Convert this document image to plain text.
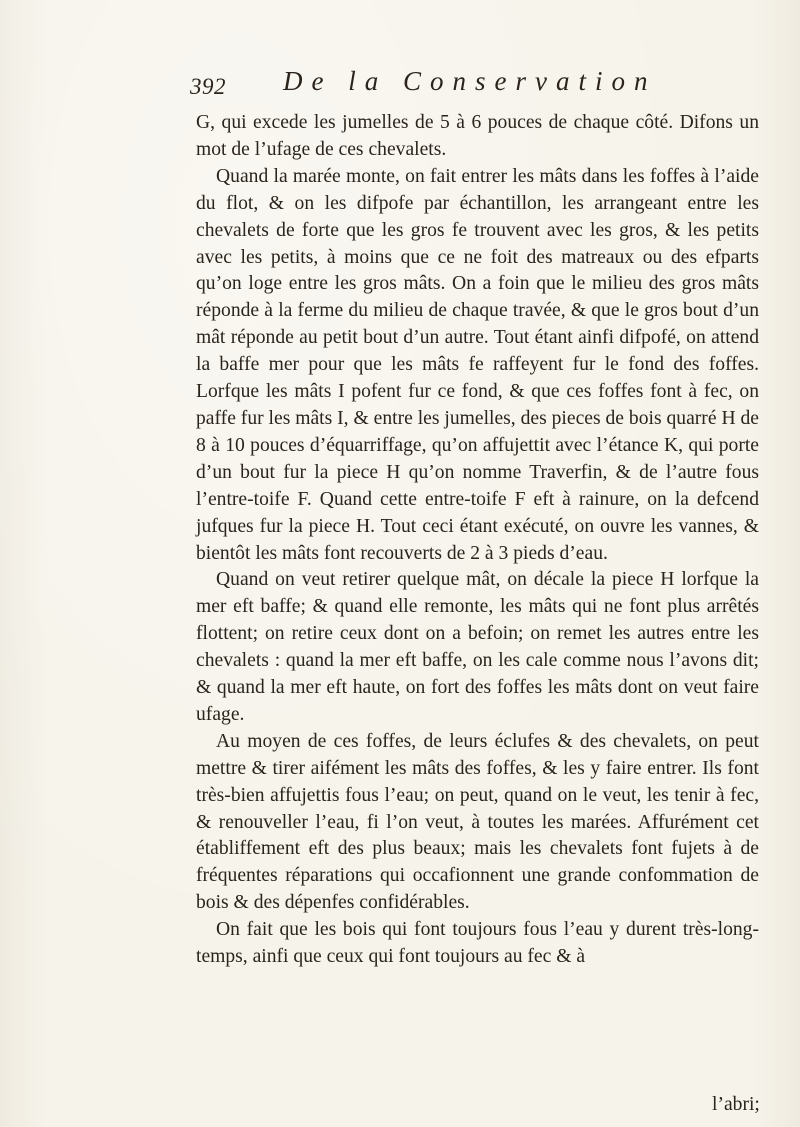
392 De la Conservation

G, qui excede les jumelles de 5 à 6 pouces de chaque côté. Difons un mot de l’ufage de ces chevalets.

Quand la marée monte, on fait entrer les mâts dans les foffes à l’aide du flot, & on les difpofe par échantillon, les arrangeant entre les chevalets de forte que les gros fe trouvent avec les gros, & les petits avec les petits, à moins que ce ne foit des matreaux ou des efparts qu’on loge entre les gros mâts. On a foin que le milieu des gros mâts réponde à la ferme du milieu de chaque travée, & que le gros bout d’un mât réponde au petit bout d’un autre. Tout étant ainfi difpofé, on attend la baffe mer pour que les mâts fe raffeyent fur le fond des foffes. Lorfque les mâts I pofent fur ce fond, & que ces foffes font à fec, on paffe fur les mâts I, & entre les jumelles, des pieces de bois quarré H de 8 à 10 pouces d’équarriffage, qu’on affujettit avec l’étance K, qui porte d’un bout fur la piece H qu’on nomme Traverfin, & de l’autre fous l’entre-toife F. Quand cette entre-toife F eft à rainure, on la defcend jufques fur la piece H. Tout ceci étant exécuté, on ouvre les vannes, & bientôt les mâts font recouverts de 2 à 3 pieds d’eau.

Quand on veut retirer quelque mât, on décale la piece H lorfque la mer eft baffe; & quand elle remonte, les mâts qui ne font plus arrêtés flottent; on retire ceux dont on a befoin; on remet les autres entre les chevalets : quand la mer eft baffe, on les cale comme nous l’avons dit; & quand la mer eft haute, on fort des foffes les mâts dont on veut faire ufage.

Au moyen de ces foffes, de leurs éclufes & des chevalets, on peut mettre & tirer aifément les mâts des foffes, & les y faire entrer. Ils font très-bien affujettis fous l’eau; on peut, quand on le veut, les tenir à fec, & renouveller l’eau, fi l’on veut, à toutes les marées. Affurément cet établiffement eft des plus beaux; mais les chevalets font fujets à de fréquentes réparations qui occafionnent une grande confommation de bois & des dépenfes confidérables.

On fait que les bois qui font toujours fous l’eau y durent très-long-temps, ainfi que ceux qui font toujours au fec & à

l’abri;
